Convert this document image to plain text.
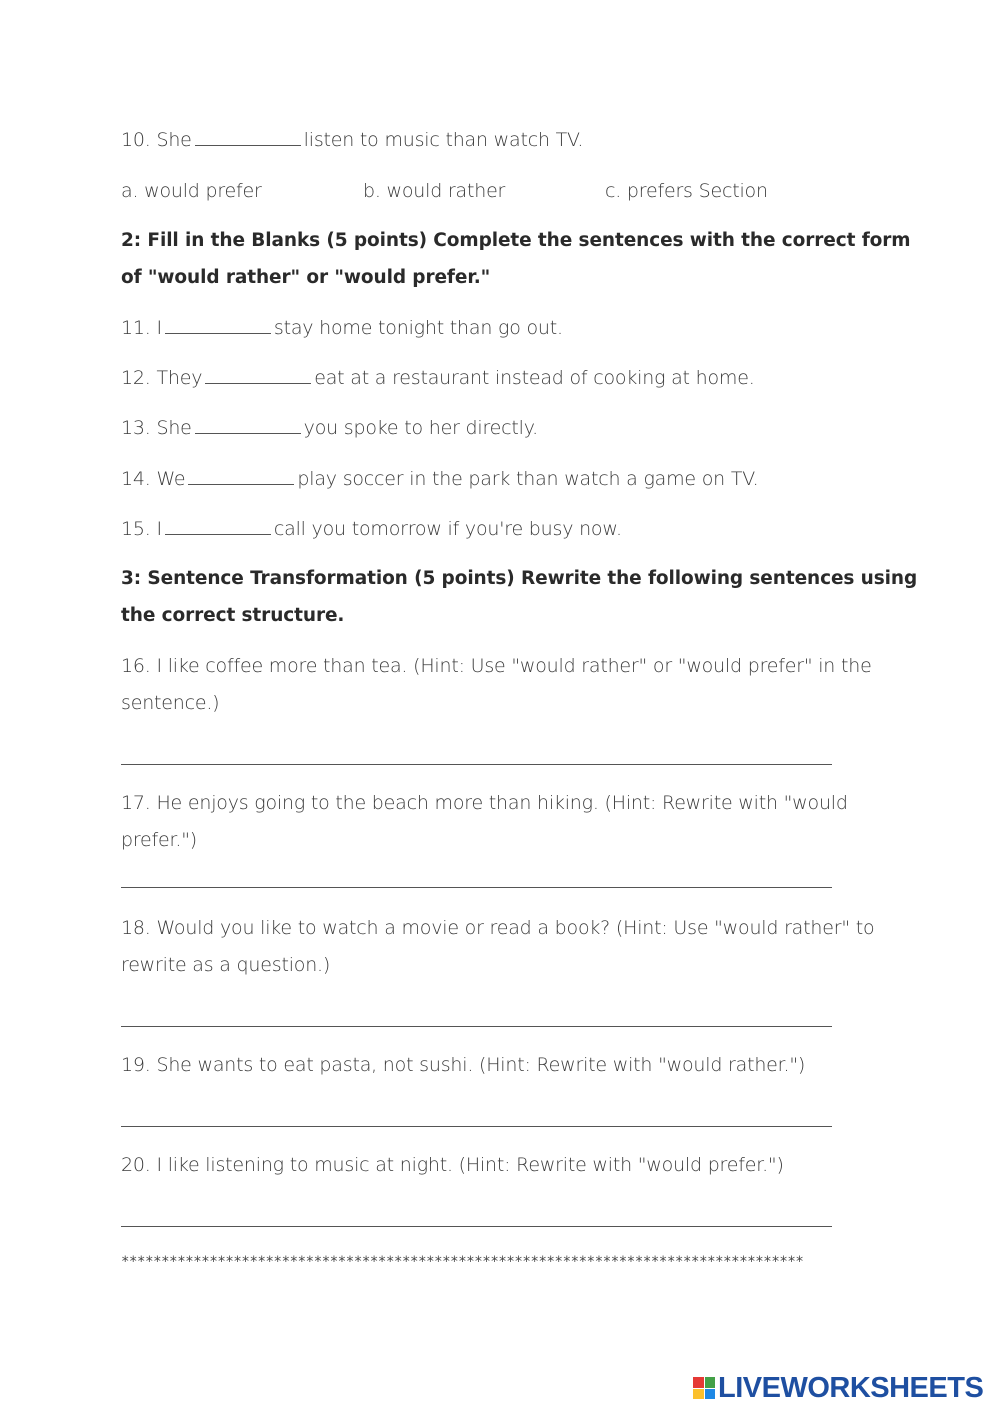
10. She	listen to music than watch TV.
a. would prefer	b. would rather	c. prefers Section
2: Fill in the Blanks (5 points) Complete the sentences with the correct form
of "would rather" or "would prefer."
11. I	stay home tonight than go out.
12. They	eat at a restaurant instead of cooking at home.
13. She	you spoke to her directly.
14. We	play soccer in the park than watch a game on TV.
15. I	call you tomorrow if you're busy now.
3: Sentence Transformation (5 points) Rewrite the following sentences using
the correct structure.
16. I like coffee more than tea. (Hint: Use "would rather" or "would prefer" in the
sentence.)
17. He enjoys going to the beach more than hiking. (Hint: Rewrite with "would
prefer.")
18. Would you like to watch a movie or read a book? (Hint: Use "would rather" to
rewrite as a question.)
19. She wants to eat pasta, not sushi. (Hint: Rewrite with "would rather.")
20. I like listening to music at night. (Hint: Rewrite with "would prefer.")
*************************************************************************************
LIVEWORKSHEETS
